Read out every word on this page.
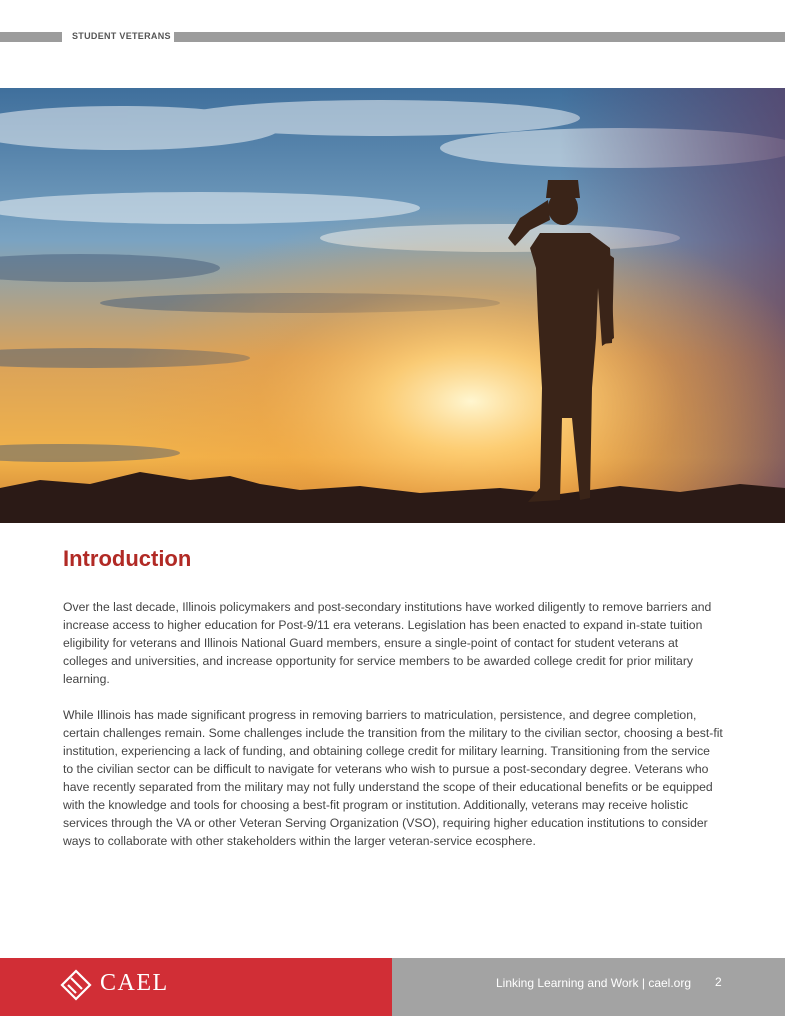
STUDENT VETERANS
Introduction

Over the last decade, Illinois policymakers and post-secondary institutions have worked diligently to remove barriers and increase access to higher education for Post-9/11 era veterans. Legislation has been enacted to expand in-state tuition eligibility for veterans and Illinois National Guard members, ensure a single-point of contact for student veterans at colleges and universities, and increase opportunity for service members to be awarded college credit for prior military learning.

While Illinois has made significant progress in removing barriers to matriculation, persistence, and degree completion, certain challenges remain. Some challenges include the transition from the military to the civilian sector, choosing a best-fit institution, experiencing a lack of funding, and obtaining college credit for military learning. Transitioning from the service to the civilian sector can be difficult to navigate for veterans who wish to pursue a post-secondary degree. Veterans who have recently separated from the military may not fully understand the scope of their educational benefits or be equipped with the knowledge and tools for choosing a best-fit program or institution. Additionally, veterans may receive holistic services through the VA or other Veteran Serving Organization (VSO), requiring higher education institutions to consider ways to collaborate with other stakeholders within the larger veteran-service ecosphere.

CAEL	Linking Learning and Work | cael.org 2
